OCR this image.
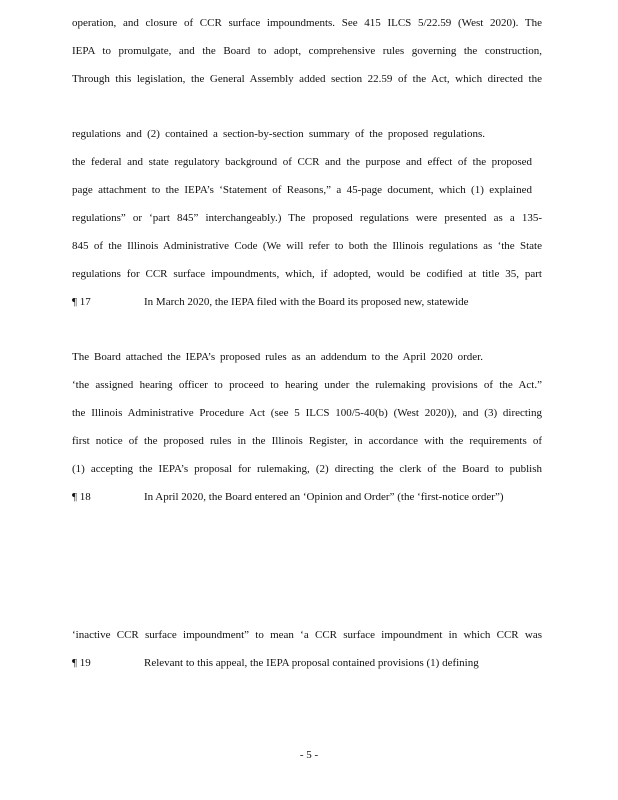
operation, and closure of CCR surface impoundments. See 415 ILCS 5/22.59 (West 2020). The
IEPA to promulgate, and the Board to adopt, comprehensive rules governing the construction,
Through this legislation, the General Assembly added section 22.59 of the Act, which directed the
regulations and (2) contained a section-by-section summary of the proposed regulations.
the federal and state regulatory background of CCR and the purpose and effect of the proposed
page attachment to the IEPA’s ‘Statement of Reasons,” a 45-page document, which (1) explained
regulations” or ‘part 845” interchangeably.) The proposed regulations were presented as a 135-
845 of the Illinois Administrative Code (We will refer to both the Illinois regulations as ‘the State
regulations for CCR surface impoundments, which, if adopted, would be codified at title 35, part
¶ 17	In March 2020, the IEPA filed with the Board its proposed new, statewide
The Board attached the IEPA’s proposed rules as an addendum to the April 2020 order.
‘the assigned hearing officer to proceed to hearing under the rulemaking provisions of the Act.”
the Illinois Administrative Procedure Act (see 5 ILCS 100/5-40(b) (West 2020)), and (3) directing
first notice of the proposed rules in the Illinois Register, in accordance with the requirements of
(1) accepting the IEPA’s proposal for rulemaking, (2) directing the clerk of the Board to publish
¶ 18	In April 2020, the Board entered an ‘Opinion and Order” (the ‘first-notice order”)
‘inactive CCR surface impoundment” to mean ‘a CCR surface impoundment in which CCR was
¶ 19	Relevant to this appeal, the IEPA proposal contained provisions (1) defining
- 5 -
